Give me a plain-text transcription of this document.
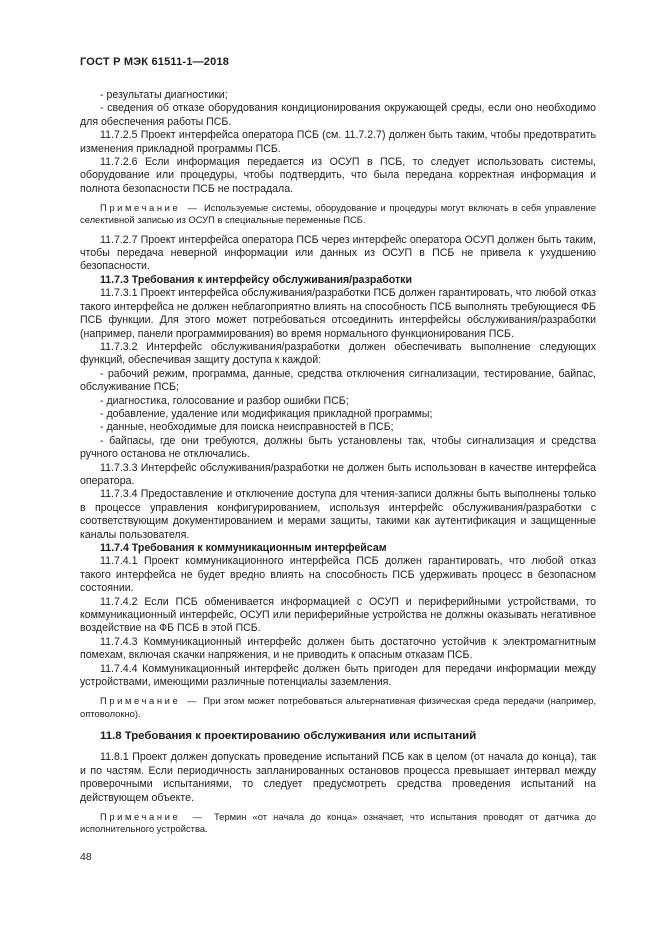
ГОСТ Р МЭК 61511-1—2018

- результаты диагностики;

- сведения об отказе оборудования кондиционирования окружающей среды, если оно необходимо для обеспечения работы ПСБ.

11.7.2.5 Проект интерфейса оператора ПСБ (см. 11.7.2.7) должен быть таким, чтобы предотвратить изменения прикладной программы ПСБ.

11.7.2.6 Если информация передается из ОСУП в ПСБ, то следует использовать системы, оборудование или процедуры, чтобы подтвердить, что была передана корректная информация и полнота безопасности ПСБ не пострадала.

Примечание — Используемые системы, оборудование и процедуры могут включать в себя управление селективной записью из ОСУП в специальные переменные ПСБ.

11.7.2.7 Проект интерфейса оператора ПСБ через интерфейс оператора ОСУП должен быть таким, чтобы передача неверной информации или данных из ОСУП в ПСБ не привела к ухудшению безопасности.

11.7.3 Требования к интерфейсу обслуживания/разработки

11.7.3.1 Проект интерфейса обслуживания/разработки ПСБ должен гарантировать, что любой отказ такого интерфейса не должен неблагоприятно влиять на способность ПСБ выполнять требующиеся ФБ ПСБ функции. Для этого может потребоваться отсоединить интерфейсы обслуживания/разработки (например, панели программирования) во время нормального функционирования ПСБ.

11.7.3.2 Интерфейс обслуживания/разработки должен обеспечивать выполнение следующих функций, обеспечивая защиту доступа к каждой:

- рабочий режим, программа, данные, средства отключения сигнализации, тестирование, байпас, обслуживание ПСБ;

- диагностика, голосование и разбор ошибки ПСБ;

- добавление, удаление или модификация прикладной программы;

- данные, необходимые для поиска неисправностей в ПСБ;

- байпасы, где они требуются, должны быть установлены так, чтобы сигнализация и средства ручного останова не отключались.

11.7.3.3 Интерфейс обслуживания/разработки не должен быть использован в качестве интерфейса оператора.

11.7.3.4 Предоставление и отключение доступа для чтения-записи должны быть выполнены только в процессе управления конфигурированием, используя интерфейс обслуживания/разработки с соответствующим документированием и мерами защиты, такими как аутентификация и защищенные каналы пользователя.

11.7.4 Требования к коммуникационным интерфейсам

11.7.4.1 Проект коммуникационного интерфейса ПСБ должен гарантировать, что любой отказ такого интерфейса не будет вредно влиять на способность ПСБ удерживать процесс в безопасном состоянии.

11.7.4.2 Если ПСБ обменивается информацией с ОСУП и периферийными устройствами, то коммуникационный интерфейс, ОСУП или периферийные устройства не должны оказывать негативное воздействие на ФБ ПСБ в этой ПСБ.

11.7.4.3 Коммуникационный интерфейс должен быть достаточно устойчив к электромагнитным помехам, включая скачки напряжения, и не приводить к опасным отказам ПСБ.

11.7.4.4 Коммуникационный интерфейс должен быть пригоден для передачи информации между устройствами, имеющими различные потенциалы заземления.

Примечание — При этом может потребоваться альтернативная физическая среда передачи (например, оптоволокно).

11.8 Требования к проектированию обслуживания или испытаний

11.8.1 Проект должен допускать проведение испытаний ПСБ как в целом (от начала до конца), так и по частям. Если периодичность запланированных остановов процесса превышает интервал между проверочными испытаниями, то следует предусмотреть средства проведения испытаний на действующем объекте.

Примечание — Термин «от начала до конца» означает, что испытания проводят от датчика до исполнительного устройства.

48
